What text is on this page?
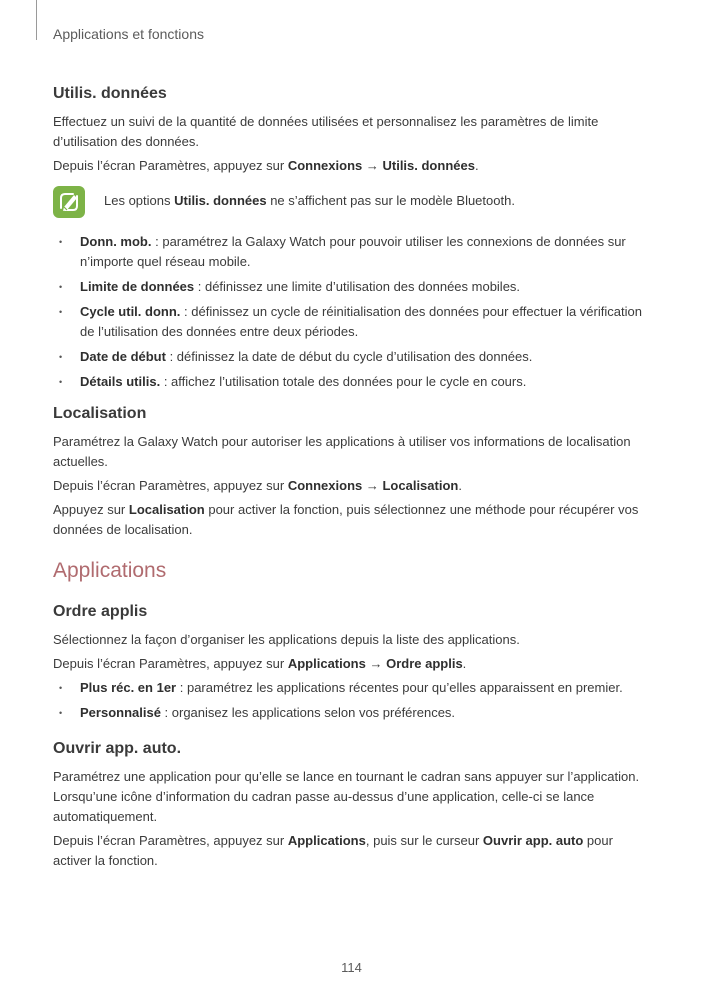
Applications et fonctions
Utilis. données

Effectuez un suivi de la quantité de données utilisées et personnalisez les paramètres de limite d’utilisation des données.

Depuis l’écran Paramètres, appuyez sur Connexions → Utilis. données.

Les options Utilis. données ne s’affichent pas sur le modèle Bluetooth.
• Donn. mob. : paramétrez la Galaxy Watch pour pouvoir utiliser les connexions de données sur n’importe quel réseau mobile.
• Limite de données : définissez une limite d’utilisation des données mobiles.
• Cycle util. donn. : définissez un cycle de réinitialisation des données pour effectuer la vérification de l’utilisation des données entre deux périodes.
• Date de début : définissez la date de début du cycle d’utilisation des données.
• Détails utilis. : affichez l’utilisation totale des données pour le cycle en cours.
Localisation

Paramétrez la Galaxy Watch pour autoriser les applications à utiliser vos informations de localisation actuelles.

Depuis l’écran Paramètres, appuyez sur Connexions → Localisation.

Appuyez sur Localisation pour activer la fonction, puis sélectionnez une méthode pour récupérer vos données de localisation.

Applications
Ordre applis

Sélectionnez la façon d’organiser les applications depuis la liste des applications.

Depuis l’écran Paramètres, appuyez sur Applications → Ordre applis.

• Plus réc. en 1er : paramétrez les applications récentes pour qu’elles apparaissent en premier.
• Personnalisé : organisez les applications selon vos préférences.
Ouvrir app. auto.

Paramétrez une application pour qu’elle se lance en tournant le cadran sans appuyer sur l’application. Lorsqu’une icône d’information du cadran passe au-dessus d’une application, celle-ci se lance automatiquement.

Depuis l’écran Paramètres, appuyez sur Applications, puis sur le curseur Ouvrir app. auto pour activer la fonction.

114
